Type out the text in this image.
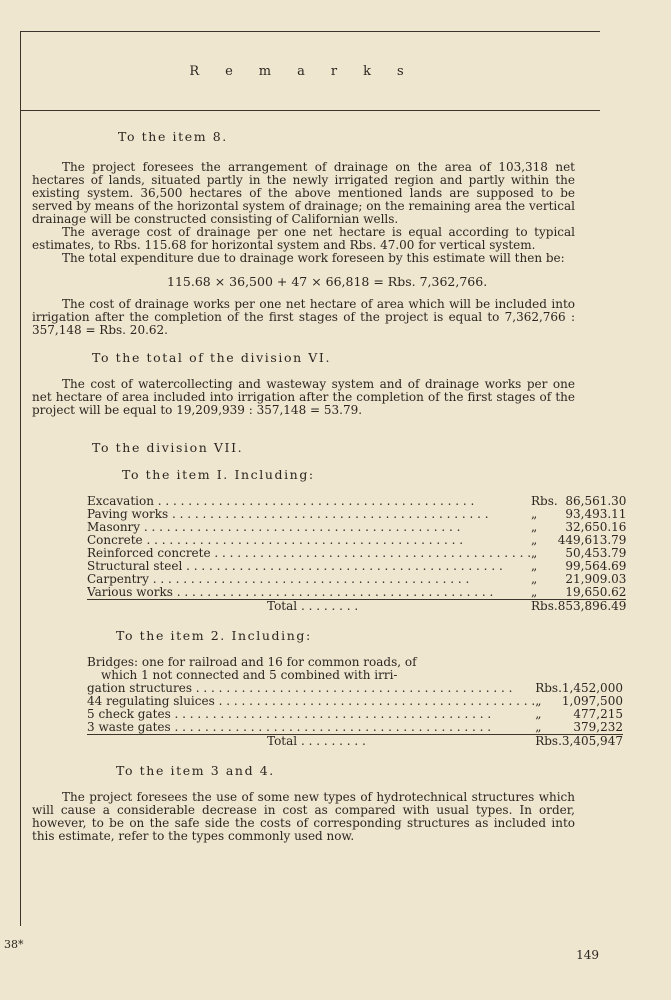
Remarks

To the item 8.

The project foresees the arrangement of drainage on the area of 103,318 net hectares of lands, situated partly in the newly irrigated region and partly within the existing system. 36,500 hectares of the above mentioned lands are supposed to be served by means of the horizontal system of drainage; on the remaining area the vertical drainage will be constructed consisting of Californian wells.

The average cost of drainage per one net hectare is equal according to typical estimates, to Rbs. 115.68 for horizontal system and Rbs. 47.00 for vertical system.

The total expenditure due to drainage work foreseen by this estimate will then be:

115.68 × 36,500 + 47 × 66,818 = Rbs. 7,362,766.

The cost of drainage works per one net hectare of area which will be included into irrigation after the completion of the first stages of the project is equal to 7,362,766 : 357,148 = Rbs. 20.62.

To the total of the division VI.

The cost of watercollecting and wasteway system and of drainage works per one net hectare of area included into irrigation after the completion of the first stages of the project will be equal to 19,209,939 : 357,148 = 53.79.

To the division VII.

To the item I. Including:

Excavation . . .	Rbs.	86,561.30
Paving works . . .	„	93,493.11
Masonry . . .	„	32,650.16
Concrete . . .	„	449,613.79
Reinforced concrete . . .	„	50,453.79
Structural steel . . .	„	99,564.69
Carpentry . . .	„	21,909.03
Various works . . .	„	19,650.62
Total . . . . . . . .	Rbs.	853,896.49

To the item 2. Including:

Bridges: one for railroad and 16 for common roads, of
which 1 not connected and 5 combined with irri-
gation structures . . .	Rbs.	1,452,000
44 regulating sluices . . .	„	1,097,500
5 check gates . . .	„	477,215
3 waste gates . . .	„	379,232
Total . . . . . . . . .	Rbs.	3,405,947

To the item 3 and 4.

The project foresees the use of some new types of hydrotechnical structures which will cause a considerable decrease in cost as compared with usual types. In order, however, to be on the safe side the costs of corresponding structures as included into this estimate, refer to the types commonly used now.

38*
149
